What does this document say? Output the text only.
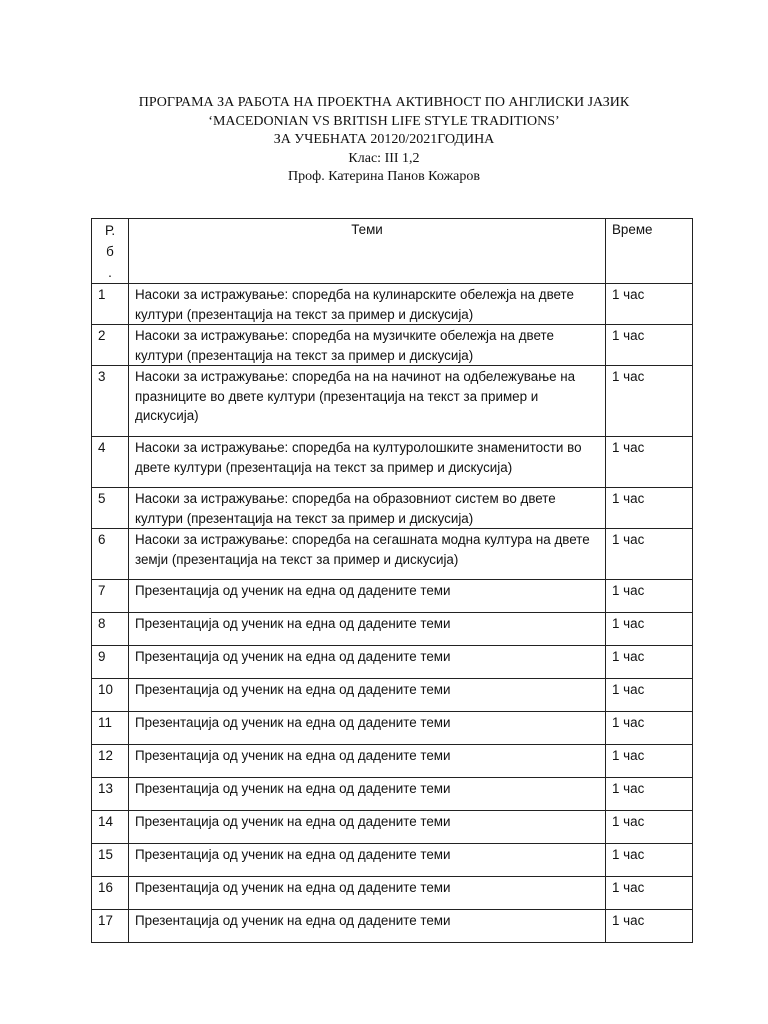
ПРОГРАМА ЗА РАБОТА НА ПРОЕКТНА АКТИВНОСТ ПО АНГЛИСКИ ЈАЗИК
‘MACEDONIAN VS BRITISH LIFE STYLE TRADITIONS’
ЗА УЧЕБНАТА 20120/2021ГОДИНА
Клас: III 1,2
Проф. Катерина Панов Кожаров
Р.б .	Теми	Време
1	Насоки за истражување: споредба на кулинарските обележја на двете култури (презентација на текст за пример и дискусија)	1 час
2	Насоки за истражување: споредба на музичките обележја на двете култури (презентација на текст за пример и дискусија)	1 час
3	Насоки за истражување: споредба на на начинот на одбележување на празниците во двете култури (презентација на текст за пример и дискусија)	1 час
4	Насоки за истражување: споредба на културолошките знаменитости во двете култури (презентација на текст за пример и дискусија)	1 час
5	Насоки за истражување: споредба на образовниот систем во двете култури (презентација на текст за пример и дискусија)	1 час
6	Насоки за истражување: споредба на сегашната модна култура на двете земји (презентација на текст за пример и дискусија)	1 час
7	Презентација од ученик на една од дадените теми	1 час
8	Презентација од ученик на една од дадените теми	1 час
9	Презентација од ученик на една од дадените теми	1 час
10	Презентација од ученик на една од дадените теми	1 час
11	Презентација од ученик на една од дадените теми	1 час
12	Презентација од ученик на една од дадените теми	1 час
13	Презентација од ученик на една од дадените теми	1 час
14	Презентација од ученик на една од дадените теми	1 час
15	Презентација од ученик на една од дадените теми	1 час
16	Презентација од ученик на една од дадените теми	1 час
17	Презентација од ученик на една од дадените теми	1 час
